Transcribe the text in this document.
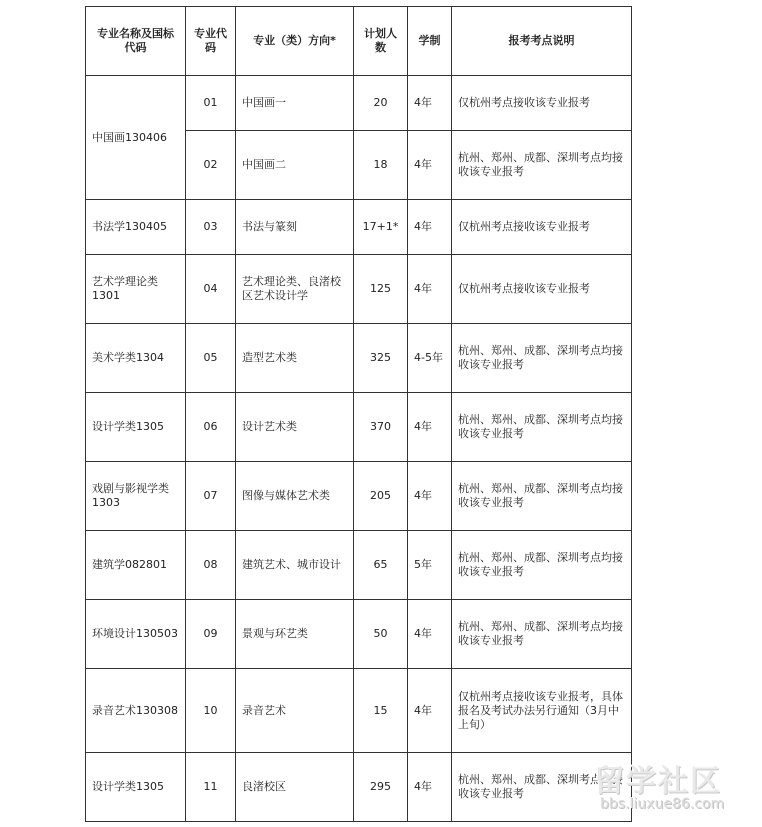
专业名称及国标代码	专业代码	专业（类）方向*	计划人数	学制	报考考点说明
中国画130406	01	中国画一	20	4年	仅杭州考点接收该专业报考
	02	中国画二	18	4年	杭州、郑州、成都、深圳考点均接收该专业报考
书法学130405	03	书法与篆刻	17+1*	4年	仅杭州考点接收该专业报考
艺术学理论类1301	04	艺术理论类、良渚校区艺术设计学	125	4年	仅杭州考点接收该专业报考
美术学类1304	05	造型艺术类	325	4-5年	杭州、郑州、成都、深圳考点均接收该专业报考
设计学类1305	06	设计艺术类	370	4年	杭州、郑州、成都、深圳考点均接收该专业报考
戏剧与影视学类1303	07	图像与媒体艺术类	205	4年	杭州、郑州、成都、深圳考点均接收该专业报考
建筑学082801	08	建筑艺术、城市设计	65	5年	杭州、郑州、成都、深圳考点均接收该专业报考
环境设计130503	09	景观与环艺类	50	4年	杭州、郑州、成都、深圳考点均接收该专业报考
录音艺术130308	10	录音艺术	15	4年	仅杭州考点接收该专业报考，具体报名及考试办法另行通知（3月中上旬）
设计学类1305	11	良渚校区	295	4年	杭州、郑州、成都、深圳考点均接收该专业报考 留学社区
bbs.liuxue86.com
